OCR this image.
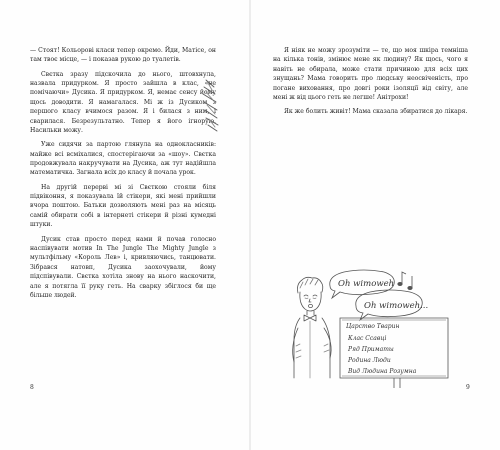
— Стоят! Кольорові класи тепер окремо. Йди, Матісе, он там твоє місце, — і показав рукою до туалетів.

Свєтка зразу підскочила до нього, штовхнула, назвала придурком. Я просто зайшла в клас, «не помічаючи» Дусика. Я придурком. Я, немає сенсу йому щось доводити. Я намагалася. Мі ж із Дусиком з першого класу вчимося разом. Я і билася з ним, і сварилася. Безрезультатно. Тепер я його ігнорую. Насильки можу.

Уже сидячи за партою глянула на однокласників: майже всі всміхалися, спостерігаючи за «шоу». Свєтка продовжувала накручувати на Дусика, аж тут надійшла математичка. Загнала всіх до класу й почала урок.

На другій перерві мі зі Свєткою стояли біля підвіконня, я показувала їй стікери, які мені прийшли вчора поштою. Батьки дозволяють мені раз на місяць самій обирати собі в інтернеті стікери й різні кумедні штуки.

Дусик став просто перед нами й почав голосно наспівувати мотив In The Jungle The Mighty Jungle з мультфільму «Король Лев» і, кривляючись, танцювати. Зібрався натовп, Дусика заохочували, йому підспівували. Свєтка хотіла знову на нього наскочити, але я потягла її руку геть. На сварку збіглося би ще більше людей.

8	9

Я ніяк не можу зрозуміти — те, що моя шкіра темніша на кілька тонів, змінює мене як людину? Як щось, чого я навіть не обирала, може стати причиною для всіх цих знущань? Мама говорить про людську неосвіченість, про погане виховання, про довгі роки ізоляції від світу, але мені ж від цього геть не легше! Анітрохи!

Як же болить живіт! Мама сказала збиратися до лікаря.

Oh wimoweh
Oh wimoweh...
Царство Тварин
Клас Ссавці
Ряд Приматы
Родина Люди
Вид Людина Розумна
